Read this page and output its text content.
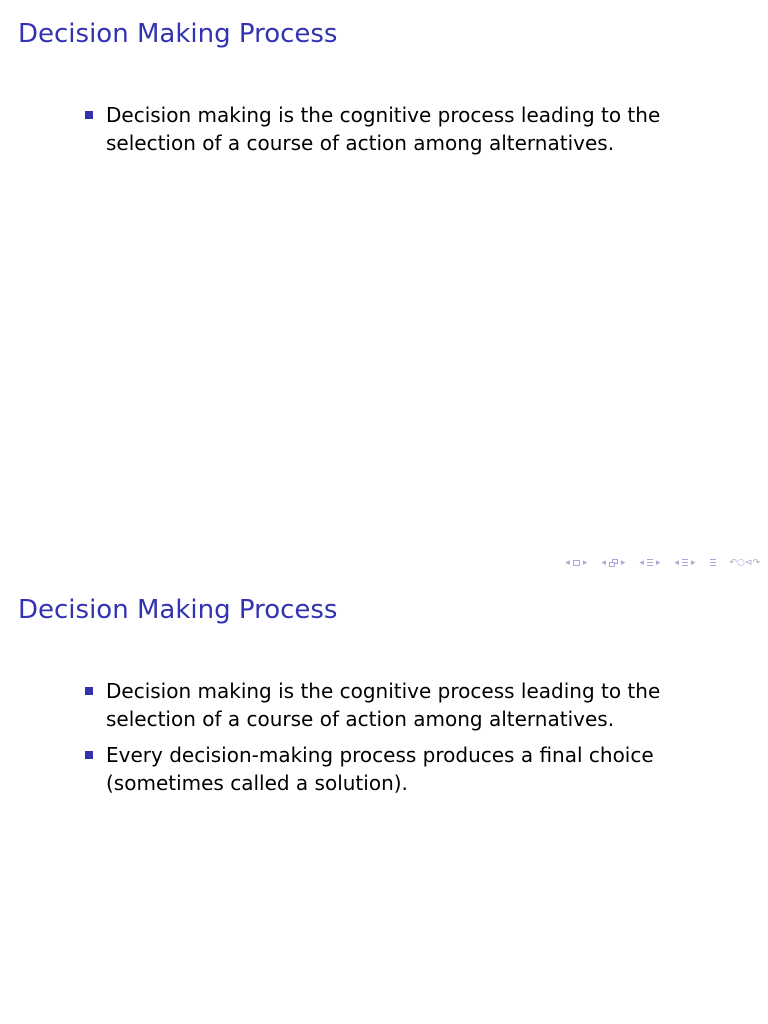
Decision Making Process
Decision making is the cognitive process leading to the selection of a course of action among alternatives.
◂ ▸ ◂ ▸ ◂ ▸ ◂ ▸	↶○⊲↷
Decision Making Process
Decision making is the cognitive process leading to the selection of a course of action among alternatives.
Every decision-making process produces a final choice (sometimes called a solution).
